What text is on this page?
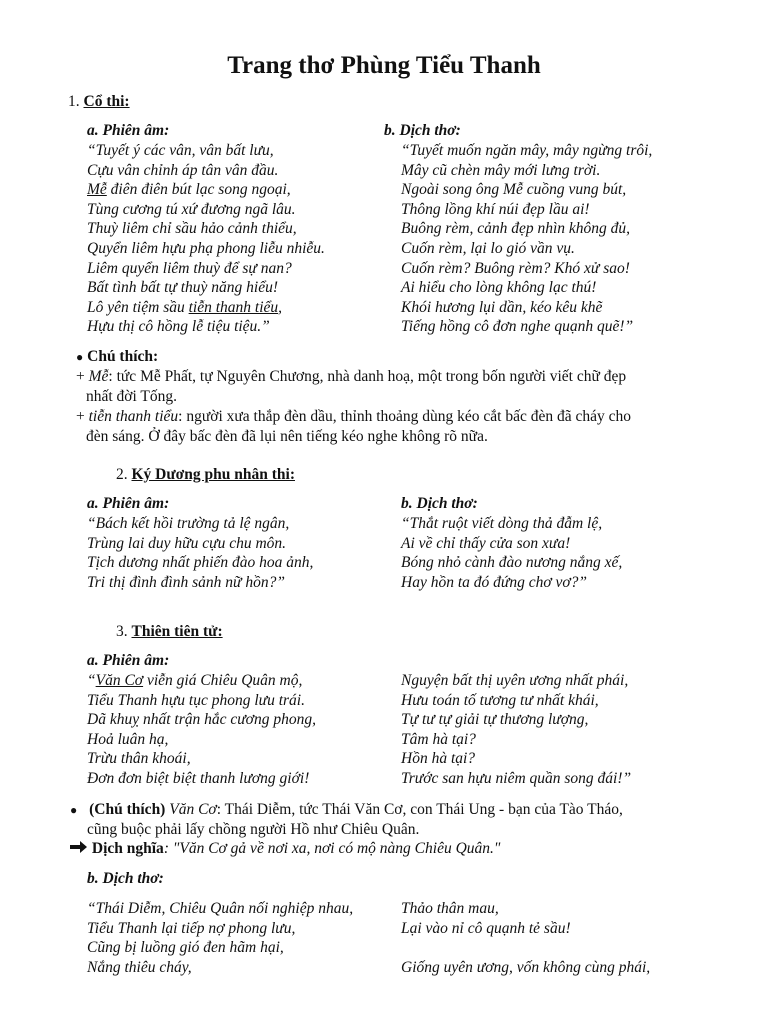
Trang thơ Phùng Tiểu Thanh
1. Cổ thi:
a. Phiên âm:	b. Dịch thơ:
“Tuyết ý các vân, vân bất lưu,
Cựu vân chỉnh áp tân vân đầu.
Mễ điên điên bút lạc song ngoại,
Tùng cương tú xứ đương ngã lâu.
Thuỳ liêm chỉ sầu hảo cảnh thiểu,
Quyển liêm hựu phạ phong liễu nhiễu.
Liêm quyển liêm thuỳ để sự nan?
Bất tình bất tự thuỳ năng hiểu!
Lô yên tiệm sầu tiễn thanh tiểu,
Hựu thị cô hồng lễ tiệu tiệu.”
“Tuyết muốn ngăn mây, mây ngừng trôi,
Mây cũ chèn mây mới lưng trời.
Ngoài song ông Mễ cuồng vung bút,
Thông lồng khí núi đẹp lầu ai!
Buông rèm, cảnh đẹp nhìn không đủ,
Cuốn rèm, lại lo gió vần vụ.
Cuốn rèm? Buông rèm? Khó xử sao!
Ai hiểu cho lòng không lạc thú!
Khói hương lụi dần, kéo kêu khẽ
Tiếng hồng cô đơn nghe quạnh quẽ!”
● Chú thích:
+ Mễ: tức Mễ Phất, tự Nguyên Chương, nhà danh hoạ, một trong bốn người viết chữ đẹp
nhất đời Tống.
+ tiễn thanh tiểu: người xưa thắp đèn dầu, thỉnh thoảng dùng kéo cắt bấc đèn đã cháy cho
đèn sáng. Ở đây bấc đèn đã lụi nên tiếng kéo nghe không rõ nữa.
2. Ký Dương phu nhân thi:
a. Phiên âm:	b. Dịch thơ:
“Bách kết hồi trường tả lệ ngân,
Trùng lai duy hữu cựu chu môn.
Tịch dương nhất phiến đào hoa ảnh,
Tri thị đình đình sảnh nữ hồn?”
“Thắt ruột viết dòng thả đẫm lệ,
Ai về chỉ thấy cửa son xưa!
Bóng nhỏ cành đào nương nắng xế,
Hay hồn ta đó đứng chơ vơ?”
3. Thiên tiên tử:
a. Phiên âm:
“Văn Cơ viễn giá Chiêu Quân mộ,
Tiểu Thanh hựu tục phong lưu trái.
Dã khuỵ nhất trận hắc cương phong,
Hoả luân hạ,
Trừu thân khoái,
Đơn đơn biệt biệt thanh lương giới!
Nguyện bất thị uyên ương nhất phái,
Hưu toán tố tương tư nhất khái,
Tự tư tự giải tự thương lượng,
Tâm hà tại?
Hồn hà tại?
Trước san hựu niêm quần song đái!”
● (Chú thích) Văn Cơ: Thái Diễm, tức Thái Văn Cơ, con Thái Ung - bạn của Tào Tháo,
cũng buộc phải lấy chồng người Hồ như Chiêu Quân.
Dịch nghĩa: "Văn Cơ gả về nơi xa, nơi có mộ nàng Chiêu Quân."
b. Dịch thơ:
“Thái Diễm, Chiêu Quân nối nghiệp nhau,
Tiểu Thanh lại tiếp nợ phong lưu,
Cũng bị luồng gió đen hãm hại,
Nắng thiêu cháy,
Thảo thân mau,
Lại vào nỉ cô quạnh tẻ sầu!
Giống uyên ương, vốn không cùng phái,
